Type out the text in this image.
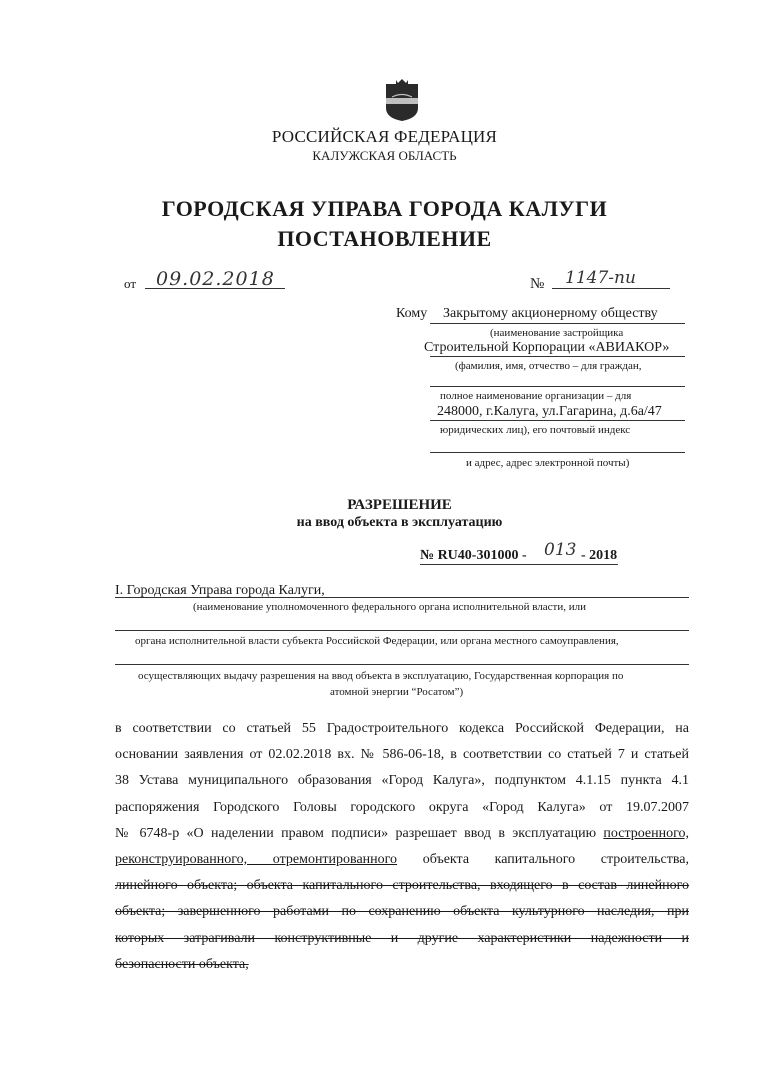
РОССИЙСКАЯ ФЕДЕРАЦИЯ
КАЛУЖСКАЯ ОБЛАСТЬ
ГОРОДСКАЯ УПРАВА ГОРОДА КАЛУГИ
ПОСТАНОВЛЕНИЕ
от 09.02.2018	№ 1147-пи
Кому Закрытому акционерному обществу
(наименование застройщика
Строительной Корпорации «АВИАКОР»
(фамилия, имя, отчество – для граждан,
полное наименование организации – для
248000, г.Калуга, ул.Гагарина, д.6а/47
юридических лиц), его почтовый индекс
и адрес, адрес электронной почты)
РАЗРЕШЕНИЕ
на ввод объекта в эксплуатацию
№ RU40-301000 - 013 - 2018
I. Городская Управа города Калуги,
(наименование уполномоченного федерального органа исполнительной власти, или
органа исполнительной власти субъекта Российской Федерации, или органа местного самоуправления,
осуществляющих выдачу разрешения на ввод объекта в эксплуатацию, Государственная корпорация по
атомной энергии “Росатом”)
в соответствии со статьей 55 Градостроительного кодекса Российской Федерации, на
основании заявления от 02.02.2018 вх. № 586-06-18, в соответствии со статьей 7 и статьей
38 Устава муниципального образования «Город Калуга», подпунктом 4.1.15 пункта 4.1
распоряжения Городского Головы городского округа «Город Калуга» от 19.07.2007
№ 6748-р «О наделении правом подписи» разрешает ввод в эксплуатацию построенного,
реконструированного, отремонтированного объекта капитального строительства,
линейного объекта; объекта капитального строительства, входящего в состав линейного
объекта; завершенного работами по сохранению объекта культурного наследия, при
которых затрагивали конструктивные и другие характеристики надежности и
безопасности объекта,
